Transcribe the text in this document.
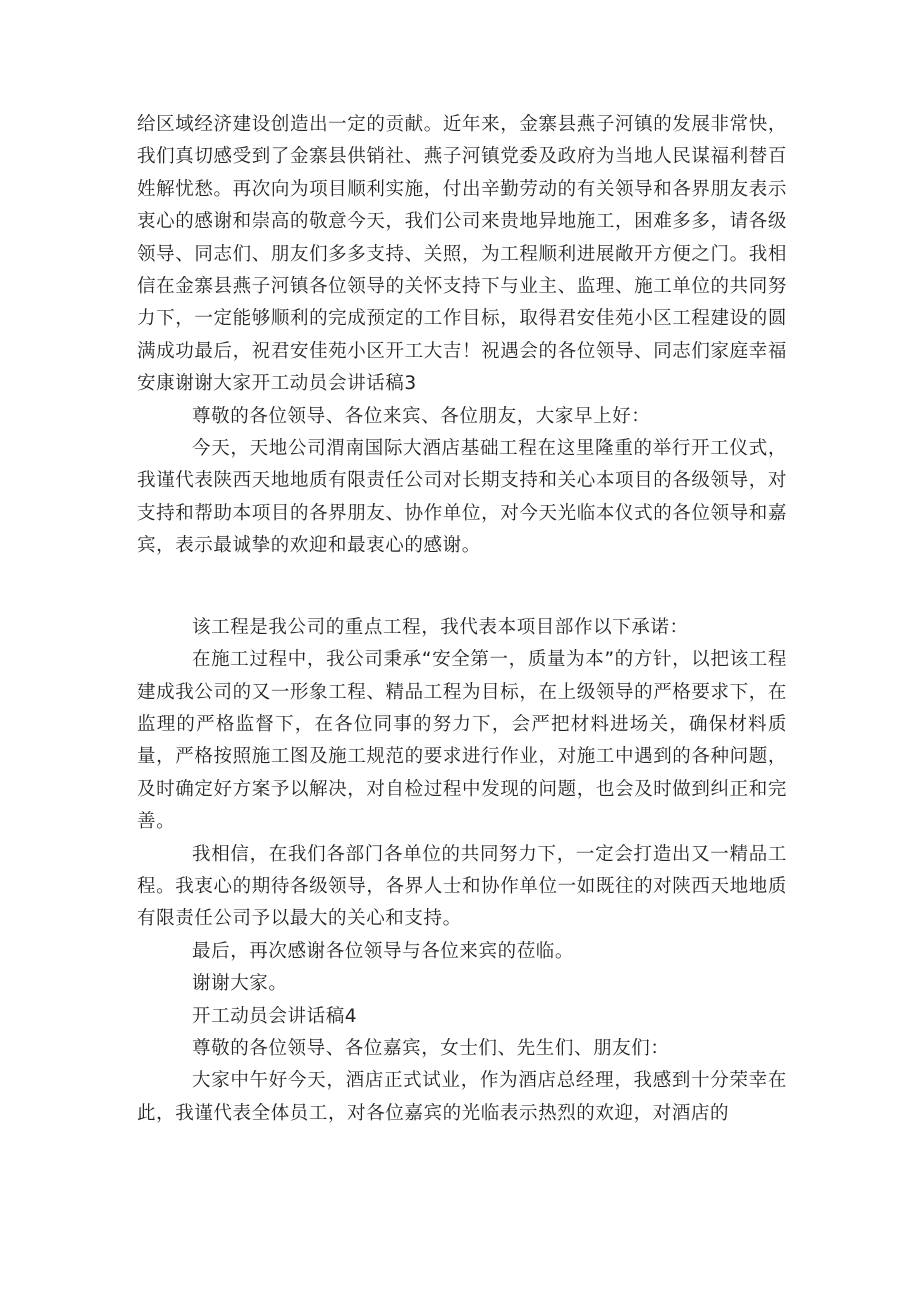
给区域经济建设创造出一定的贡献。近年来，金寨县燕子河镇的发展非常快，我们真切感受到了金寨县供销社、燕子河镇党委及政府为当地人民谋福利替百姓解忧愁。再次向为项目顺利实施，付出辛勤劳动的有关领导和各界朋友表示衷心的感谢和崇高的敬意今天，我们公司来贵地异地施工，困难多多，请各级领导、同志们、朋友们多多支持、关照，为工程顺利进展敞开方便之门。我相信在金寨县燕子河镇各位领导的关怀支持下与业主、监理、施工单位的共同努力下，一定能够顺利的完成预定的工作目标，取得君安佳苑小区工程建设的圆满成功最后，祝君安佳苑小区开工大吉！祝遇会的各位领导、同志们家庭幸福安康谢谢大家开工动员会讲话稿3

尊敬的各位领导、各位来宾、各位朋友，大家早上好：

今天，天地公司渭南国际大酒店基础工程在这里隆重的举行开工仪式，我谨代表陕西天地地质有限责任公司对长期支持和关心本项目的各级领导，对支持和帮助本项目的各界朋友、协作单位，对今天光临本仪式的各位领导和嘉宾，表示最诚挚的欢迎和最衷心的感谢。

该工程是我公司的重点工程，我代表本项目部作以下承诺：

在施工过程中，我公司秉承“安全第一，质量为本”的方针，以把该工程建成我公司的又一形象工程、精品工程为目标，在上级领导的严格要求下，在监理的严格监督下，在各位同事的努力下，会严把材料进场关，确保材料质量，严格按照施工图及施工规范的要求进行作业，对施工中遇到的各种问题，及时确定好方案予以解决，对自检过程中发现的问题，也会及时做到纠正和完善。

我相信，在我们各部门各单位的共同努力下，一定会打造出又一精品工程。我衷心的期待各级领导，各界人士和协作单位一如既往的对陕西天地地质有限责任公司予以最大的关心和支持。

最后，再次感谢各位领导与各位来宾的莅临。

谢谢大家。

开工动员会讲话稿4

尊敬的各位领导、各位嘉宾，女士们、先生们、朋友们：

大家中午好今天，酒店正式试业，作为酒店总经理，我感到十分荣幸在此，我谨代表全体员工，对各位嘉宾的光临表示热烈的欢迎，对酒店的
